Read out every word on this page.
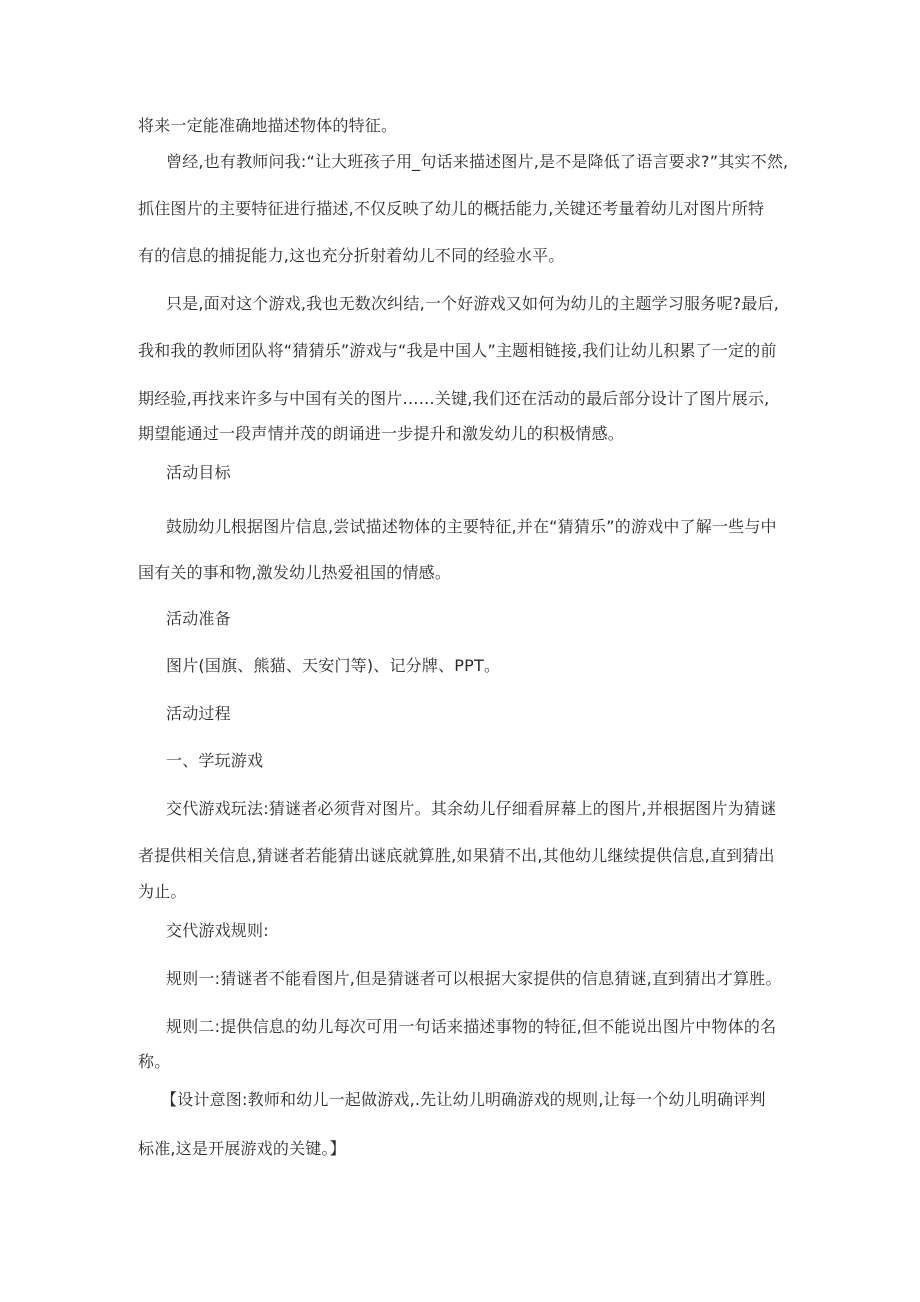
将来一定能准确地描述物体的特征。
曾经,也有教师问我:“让大班孩子用_句话来描述图片,是不是降低了语言要求?”其实不然,
抓住图片的主要特征进行描述,不仅反映了幼儿的概括能力,关键还考量着幼儿对图片所特
有的信息的捕捉能力,这也充分折射着幼儿不同的经验水平。
只是,面对这个游戏,我也无数次纠结,一个好游戏又如何为幼儿的主题学习服务呢?最后,
我和我的教师团队将“猜猜乐”游戏与“我是中国人”主题相链接,我们让幼儿积累了一定的前
期经验,再找来许多与中国有关的图片……关键,我们还在活动的最后部分设计了图片展示,
期望能通过一段声情并茂的朗诵进一步提升和激发幼儿的积极情感。
活动目标
鼓励幼儿根据图片信息,尝试描述物体的主要特征,并在“猜猜乐”的游戏中了解一些与中
国有关的事和物,激发幼儿热爱祖国的情感。
活动准备
图片(国旗、熊猫、天安门等)、记分牌、PPT。
活动过程
一、学玩游戏
交代游戏玩法:猜谜者必须背对图片。其余幼儿仔细看屏幕上的图片,并根据图片为猜谜
者提供相关信息,猜谜者若能猜出谜底就算胜,如果猜不出,其他幼儿继续提供信息,直到猜出
为止。
交代游戏规则:
规则一:猜谜者不能看图片,但是猜谜者可以根据大家提供的信息猜谜,直到猜出才算胜。
规则二:提供信息的幼儿每次可用一句话来描述事物的特征,但不能说出图片中物体的名
称。
【设计意图:教师和幼儿一起做游戏,.先让幼儿明确游戏的规则,让每一个幼儿明确评判
标准,这是开展游戏的关键。】
